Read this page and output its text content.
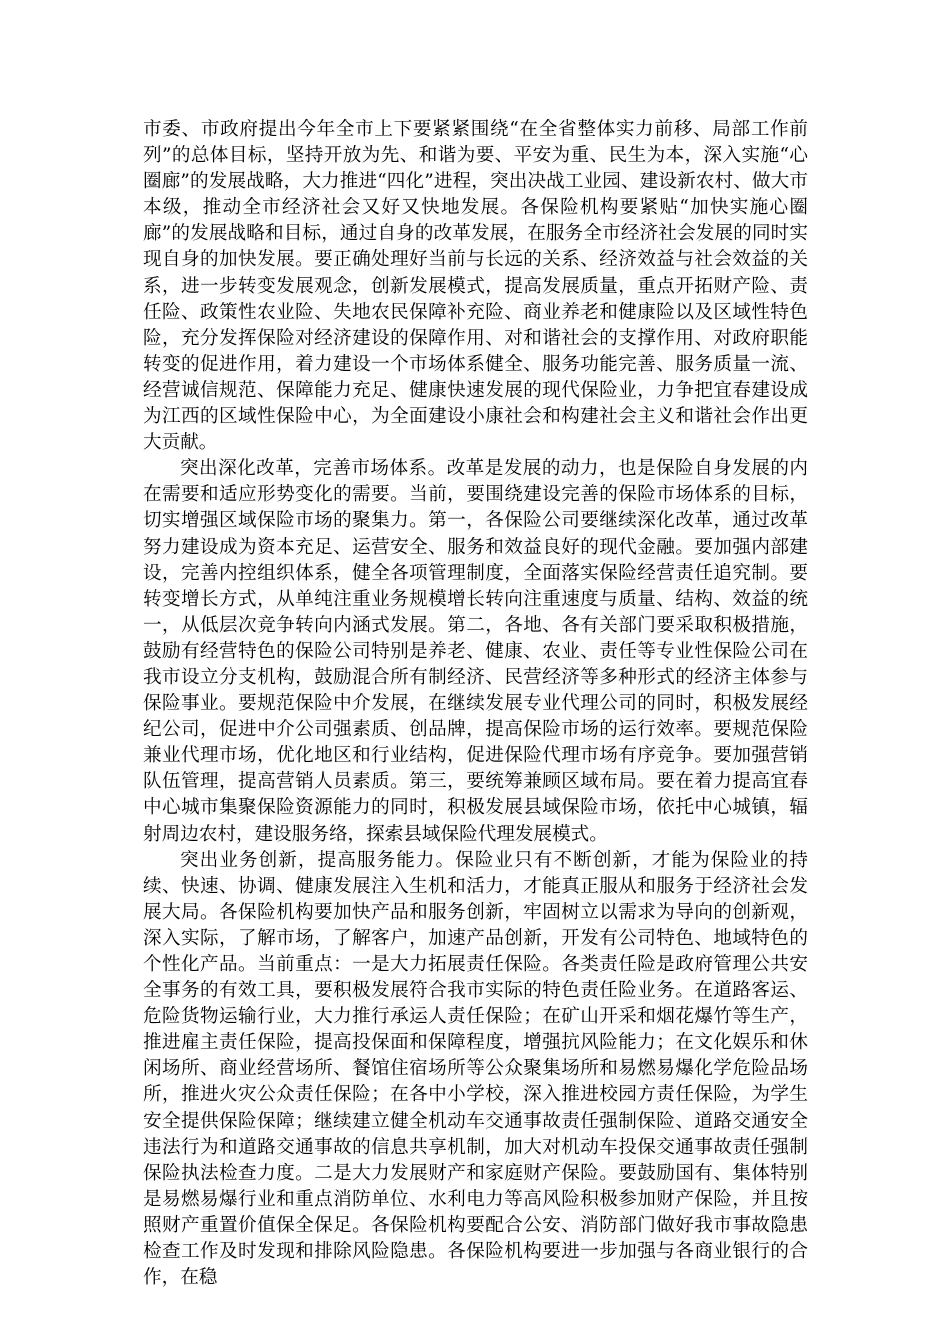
市委、市政府提出今年全市上下要紧紧围绕“在全省整体实力前移、局部工作前列”的总体目标，坚持开放为先、和谐为要、平安为重、民生为本，深入实施“心圈廊”的发展战略，大力推进“四化”进程，突出决战工业园、建设新农村、做大市本级，推动全市经济社会又好又快地发展。各保险机构要紧贴“加快实施心圈廊”的发展战略和目标，通过自身的改革发展，在服务全市经济社会发展的同时实现自身的加快发展。要正确处理好当前与长远的关系、经济效益与社会效益的关系，进一步转变发展观念，创新发展模式，提高发展质量，重点开拓财产险、责任险、政策性农业险、失地农民保障补充险、商业养老和健康险以及区域性特色险，充分发挥保险对经济建设的保障作用、对和谐社会的支撑作用、对政府职能转变的促进作用，着力建设一个市场体系健全、服务功能完善、服务质量一流、经营诚信规范、保障能力充足、健康快速发展的现代保险业，力争把宜春建设成为江西的区域性保险中心，为全面建设小康社会和构建社会主义和谐社会作出更大贡献。

突出深化改革，完善市场体系。改革是发展的动力，也是保险自身发展的内在需要和适应形势变化的需要。当前，要围绕建设完善的保险市场体系的目标，切实增强区域保险市场的聚集力。第一，各保险公司要继续深化改革，通过改革努力建设成为资本充足、运营安全、服务和效益良好的现代金融。要加强内部建设，完善内控组织体系，健全各项管理制度，全面落实保险经营责任追究制。要转变增长方式，从单纯注重业务规模增长转向注重速度与质量、结构、效益的统一，从低层次竞争转向内涵式发展。第二，各地、各有关部门要采取积极措施，鼓励有经营特色的保险公司特别是养老、健康、农业、责任等专业性保险公司在我市设立分支机构，鼓励混合所有制经济、民营经济等多种形式的经济主体参与保险事业。要规范保险中介发展，在继续发展专业代理公司的同时，积极发展经纪公司，促进中介公司强素质、创品牌，提高保险市场的运行效率。要规范保险兼业代理市场，优化地区和行业结构，促进保险代理市场有序竞争。要加强营销队伍管理，提高营销人员素质。第三，要统筹兼顾区域布局。要在着力提高宜春中心城市集聚保险资源能力的同时，积极发展县域保险市场，依托中心城镇，辐射周边农村，建设服务络，探索县域保险代理发展模式。

突出业务创新，提高服务能力。保险业只有不断创新，才能为保险业的持续、快速、协调、健康发展注入生机和活力，才能真正服从和服务于经济社会发展大局。各保险机构要加快产品和服务创新，牢固树立以需求为导向的创新观，深入实际，了解市场，了解客户，加速产品创新，开发有公司特色、地域特色的个性化产品。当前重点：一是大力拓展责任保险。各类责任险是政府管理公共安全事务的有效工具，要积极发展符合我市实际的特色责任险业务。在道路客运、危险货物运输行业，大力推行承运人责任保险；在矿山开采和烟花爆竹等生产，推进雇主责任保险，提高投保面和保障程度，增强抗风险能力；在文化娱乐和休闲场所、商业经营场所、餐馆住宿场所等公众聚集场所和易燃易爆化学危险品场所，推进火灾公众责任保险；在各中小学校，深入推进校园方责任保险，为学生安全提供保险保障；继续建立健全机动车交通事故责任强制保险、道路交通安全违法行为和道路交通事故的信息共享机制，加大对机动车投保交通事故责任强制保险执法检查力度。二是大力发展财产和家庭财产保险。要鼓励国有、集体特别是易燃易爆行业和重点消防单位、水利电力等高风险积极参加财产保险，并且按照财产重置价值保全保足。各保险机构要配合公安、消防部门做好我市事故隐患检查工作及时发现和排除风险隐患。各保险机构要进一步加强与各商业银行的合作，在稳
